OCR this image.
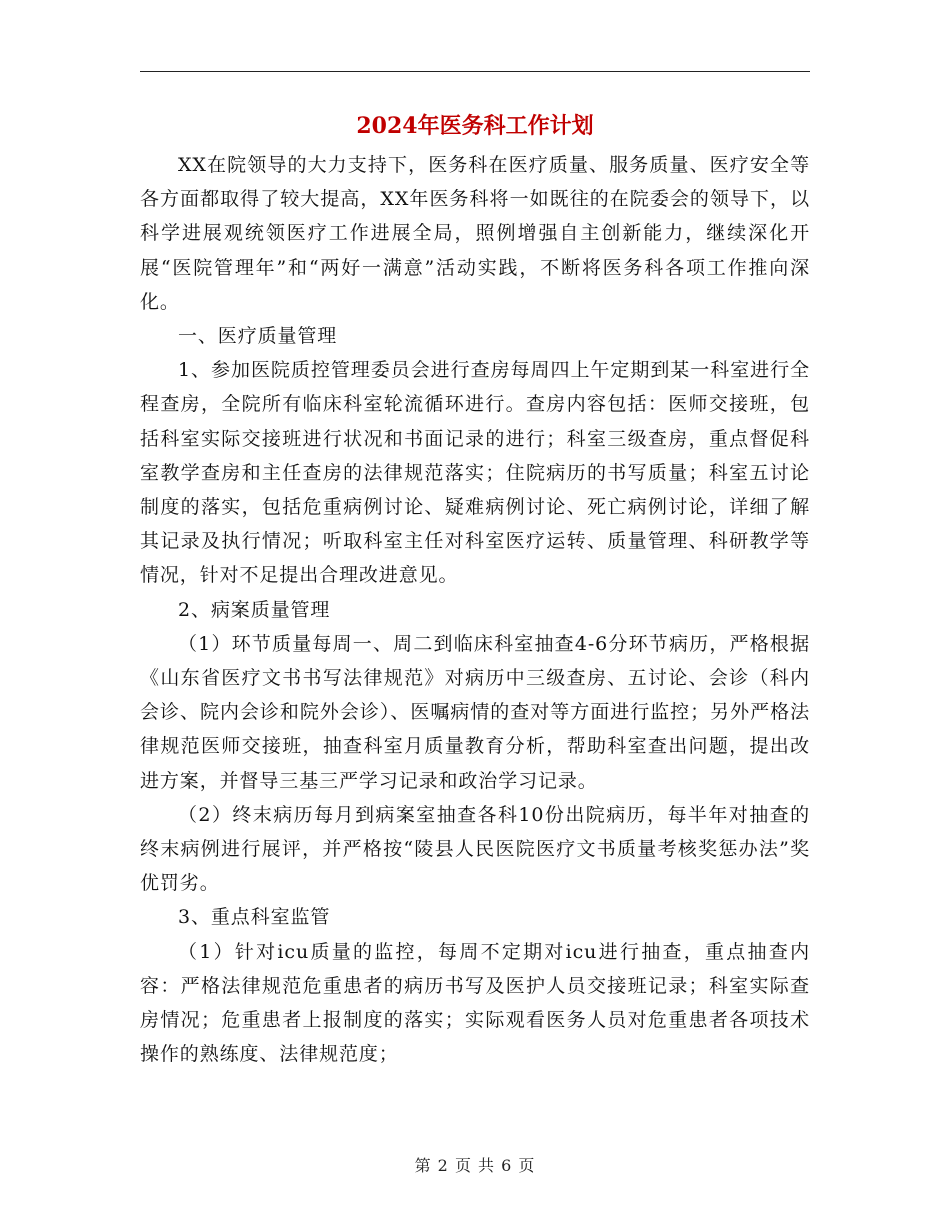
2024年医务科工作计划

XX在院领导的大力支持下，医务科在医疗质量、服务质量、医疗安全等各方面都取得了较大提高，XX年医务科将一如既往的在院委会的领导下，以科学进展观统领医疗工作进展全局，照例增强自主创新能力，继续深化开展“医院管理年”和“两好一满意”活动实践，不断将医务科各项工作推向深化。

一、医疗质量管理

1、参加医院质控管理委员会进行查房每周四上午定期到某一科室进行全程查房，全院所有临床科室轮流循环进行。查房内容包括：医师交接班，包括科室实际交接班进行状况和书面记录的进行；科室三级查房，重点督促科室教学查房和主任查房的法律规范落实；住院病历的书写质量；科室五讨论制度的落实，包括危重病例讨论、疑难病例讨论、死亡病例讨论，详细了解其记录及执行情况；听取科室主任对科室医疗运转、质量管理、科研教学等情况，针对不足提出合理改进意见。

2、病案质量管理

（1）环节质量每周一、周二到临床科室抽查4-6分环节病历，严格根据《山东省医疗文书书写法律规范》对病历中三级查房、五讨论、会诊（科内会诊、院内会诊和院外会诊）、医嘱病情的查对等方面进行监控；另外严格法律规范医师交接班，抽查科室月质量教育分析，帮助科室查出问题，提出改进方案，并督导三基三严学习记录和政治学习记录。

（2）终末病历每月到病案室抽查各科10份出院病历，每半年对抽查的终末病例进行展评，并严格按“陵县人民医院医疗文书质量考核奖惩办法”奖优罚劣。

3、重点科室监管

（1）针对icu质量的监控，每周不定期对icu进行抽查，重点抽查内容：严格法律规范危重患者的病历书写及医护人员交接班记录；科室实际查房情况；危重患者上报制度的落实；实际观看医务人员对危重患者各项技术操作的熟练度、法律规范度；

第 2 页 共 6 页
